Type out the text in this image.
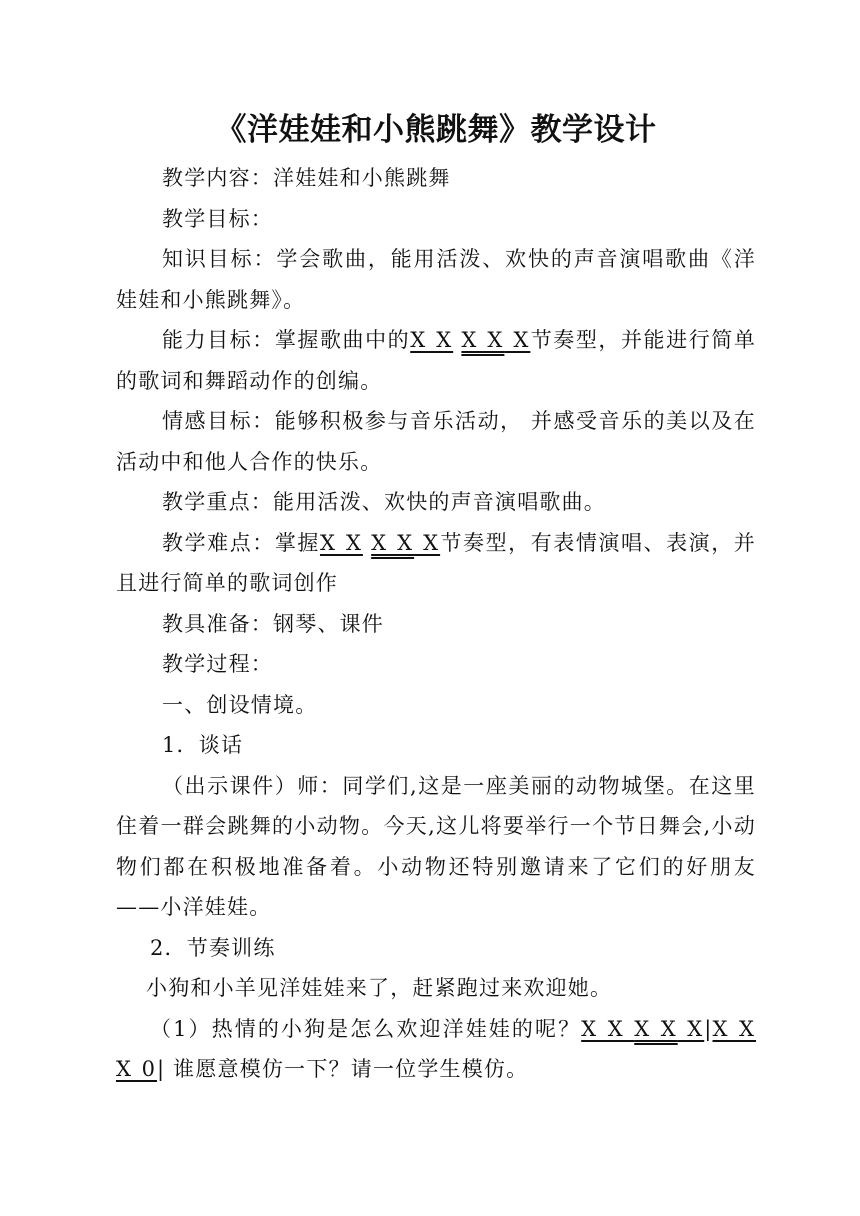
《洋娃娃和小熊跳舞》教学设计

教学内容：洋娃娃和小熊跳舞

教学目标：

知识目标：学会歌曲，能用活泼、欢快的声音演唱歌曲《洋娃娃和小熊跳舞》。

能力目标：掌握歌曲中的X X X X X节奏型，并能进行简单的歌词和舞蹈动作的创编。

情感目标：能够积极参与音乐活动， 并感受音乐的美以及在活动中和他人合作的快乐。

教学重点：能用活泼、欢快的声音演唱歌曲。

教学难点：掌握X X X X X节奏型，有表情演唱、表演，并且进行简单的歌词创作

教具准备：钢琴、课件

教学过程：

一、创设情境。

1．谈话

（出示课件）师：同学们,这是一座美丽的动物城堡。在这里住着一群会跳舞的小动物。今天,这儿将要举行一个节日舞会,小动物们都在积极地准备着。小动物还特别邀请来了它们的好朋友——小洋娃娃。

2．节奏训练

小狗和小羊见洋娃娃来了，赶紧跑过来欢迎她。

（1）热情的小狗是怎么欢迎洋娃娃的呢？X X X X X|X X X 0| 谁愿意模仿一下？请一位学生模仿。
